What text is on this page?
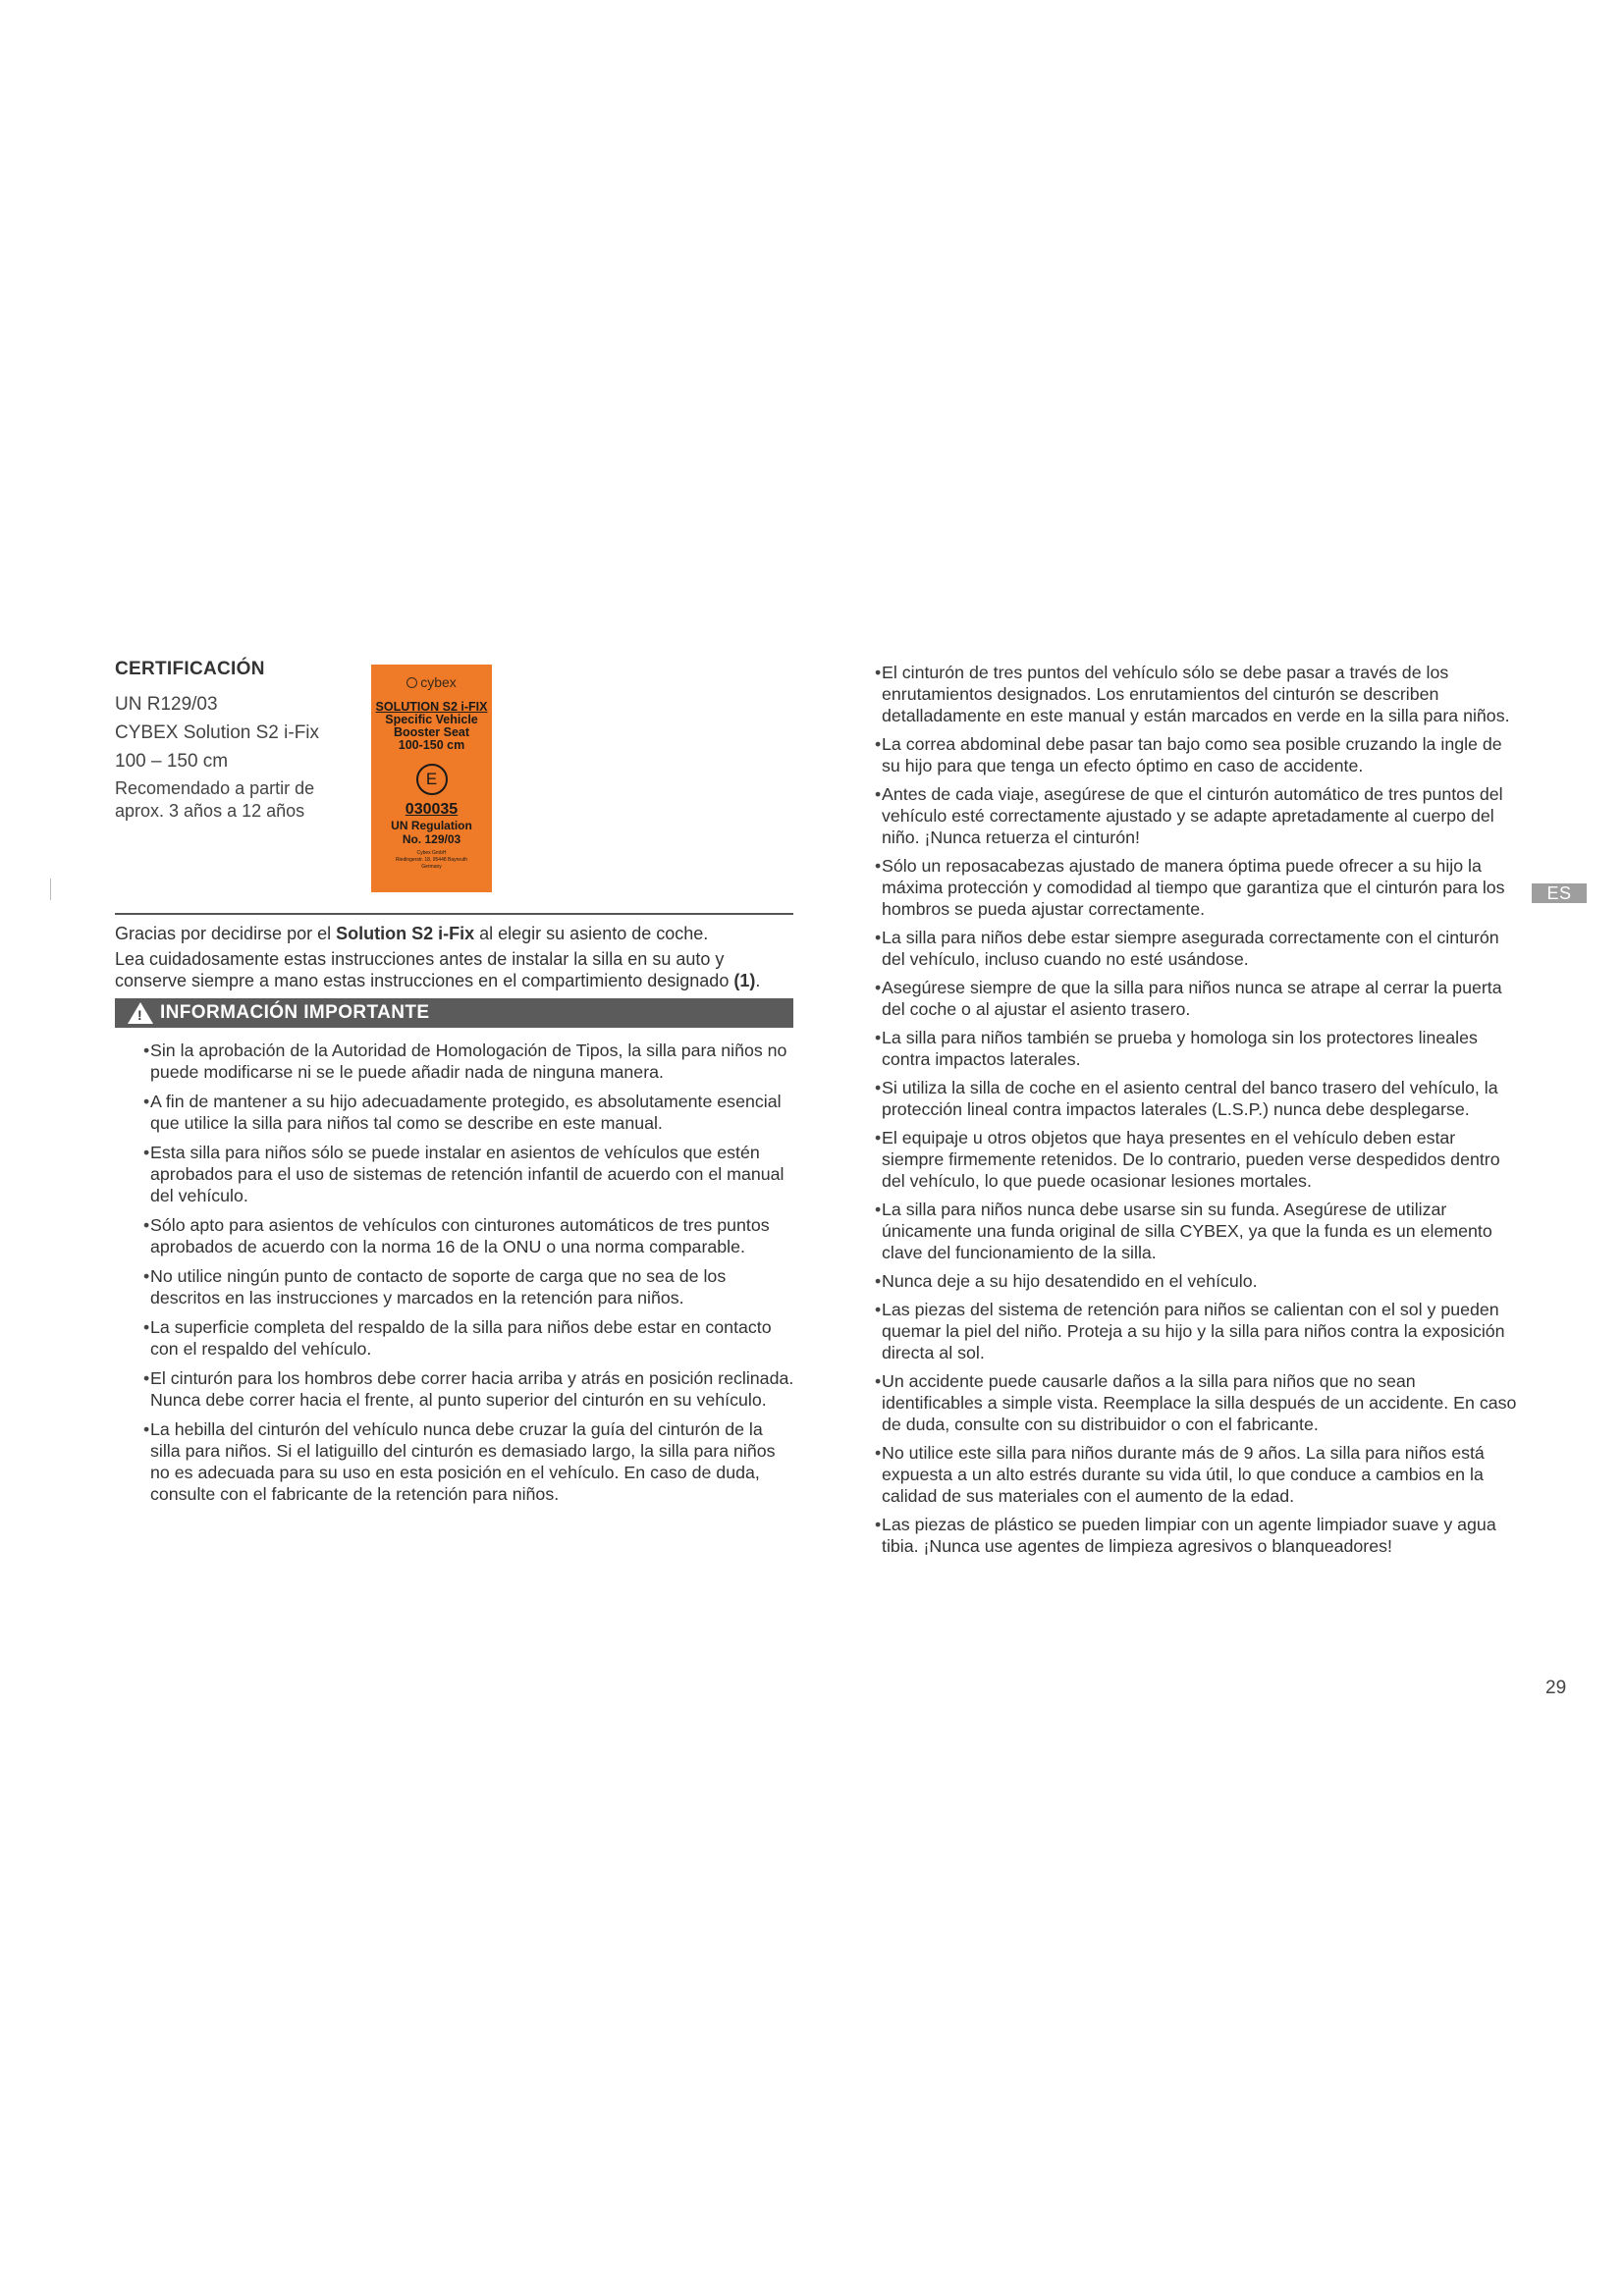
CERTIFICACIÓN
UN R129/03
CYBEX Solution S2 i-Fix
100 – 150 cm
Recomendado a partir de
aprox. 3 años a 12 años
cybex
SOLUTION S2 i-FIX
Specific Vehicle
Booster Seat
100-150 cm
E
030035
UN Regulation
No. 129/03
Cybex GmbH
Riedingerstr. 18, 95448 Bayreuth
Germany

Gracias por decidirse por el Solution S2 i-Fix al elegir su asiento de coche.

Lea cuidadosamente estas instrucciones antes de instalar la silla en su auto y conserve siempre a mano estas instrucciones en el compartimiento designado (1).

! INFORMACIÓN IMPORTANTE
• Sin la aprobación de la Autoridad de Homologación de Tipos, la silla para niños no puede modificarse ni se le puede añadir nada de ninguna manera.
• A fin de mantener a su hijo adecuadamente protegido, es absolutamente esencial que utilice la silla para niños tal como se describe en este manual.
• Esta silla para niños sólo se puede instalar en asientos de vehículos que estén aprobados para el uso de sistemas de retención infantil de acuerdo con el manual del vehículo.
• Sólo apto para asientos de vehículos con cinturones automáticos de tres puntos aprobados de acuerdo con la norma 16 de la ONU o una norma comparable.
• No utilice ningún punto de contacto de soporte de carga que no sea de los descritos en las instrucciones y marcados en la retención para niños.
• La superficie completa del respaldo de la silla para niños debe estar en contacto con el respaldo del vehículo.
• El cinturón para los hombros debe correr hacia arriba y atrás en posición reclinada. Nunca debe correr hacia el frente, al punto superior del cinturón en su vehículo.
• La hebilla del cinturón del vehículo nunca debe cruzar la guía del cinturón de la silla para niños. Si el latiguillo del cinturón es demasiado largo, la silla para niños no es adecuada para su uso en esta posición en el vehículo. En caso de duda, consulte con el fabricante de la retención para niños.
• El cinturón de tres puntos del vehículo sólo se debe pasar a través de los enrutamientos designados. Los enrutamientos del cinturón se describen detalladamente en este manual y están marcados en verde en la silla para niños.
• La correa abdominal debe pasar tan bajo como sea posible cruzando la ingle de su hijo para que tenga un efecto óptimo en caso de accidente.
• Antes de cada viaje, asegúrese de que el cinturón automático de tres puntos del vehículo esté correctamente ajustado y se adapte apretadamente al cuerpo del niño. ¡Nunca retuerza el cinturón!
• Sólo un reposacabezas ajustado de manera óptima puede ofrecer a su hijo la máxima protección y comodidad al tiempo que garantiza que el cinturón para los hombros se pueda ajustar correctamente.
• La silla para niños debe estar siempre asegurada correctamente con el cinturón del vehículo, incluso cuando no esté usándose.
• Asegúrese siempre de que la silla para niños nunca se atrape al cerrar la puerta del coche o al ajustar el asiento trasero.
• La silla para niños también se prueba y homologa sin los protectores lineales contra impactos laterales.
• Si utiliza la silla de coche en el asiento central del banco trasero del vehículo, la protección lineal contra impactos laterales (L.S.P.) nunca debe desplegarse.
• El equipaje u otros objetos que haya presentes en el vehículo deben estar siempre firmemente retenidos. De lo contrario, pueden verse despedidos dentro del vehículo, lo que puede ocasionar lesiones mortales.
• La silla para niños nunca debe usarse sin su funda. Asegúrese de utilizar únicamente una funda original de silla CYBEX, ya que la funda es un elemento clave del funcionamiento de la silla.
• Nunca deje a su hijo desatendido en el vehículo.
• Las piezas del sistema de retención para niños se calientan con el sol y pueden quemar la piel del niño. Proteja a su hijo y la silla para niños contra la exposición directa al sol.
• Un accidente puede causarle daños a la silla para niños que no sean identificables a simple vista. Reemplace la silla después de un accidente. En caso de duda, consulte con su distribuidor o con el fabricante.
• No utilice este silla para niños durante más de 9 años. La silla para niños está expuesta a un alto estrés durante su vida útil, lo que conduce a cambios en la calidad de sus materiales con el aumento de la edad.
• Las piezas de plástico se pueden limpiar con un agente limpiador suave y agua tibia. ¡Nunca use agentes de limpieza agresivos o blanqueadores!
ES
29
